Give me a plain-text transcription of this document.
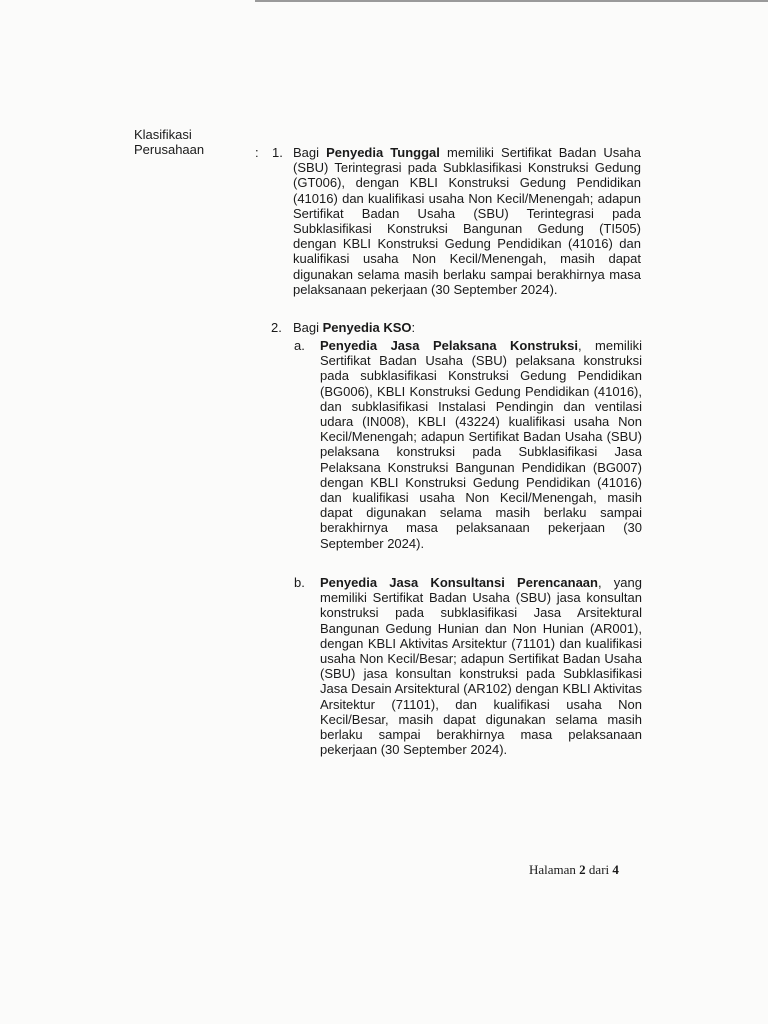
Klasifikasi
Perusahaan	: 1. Bagi Penyedia Tunggal memiliki Sertifikat Badan Usaha (SBU) Terintegrasi pada Subklasifikasi Konstruksi Gedung (GT006), dengan KBLI Konstruksi Gedung Pendidikan (41016) dan kualifikasi usaha Non Kecil/Menengah; adapun Sertifikat Badan Usaha (SBU) Terintegrasi pada Subklasifikasi Konstruksi Bangunan Gedung (TI505) dengan KBLI Konstruksi Gedung Pendidikan (41016) dan kualifikasi usaha Non Kecil/Menengah, masih dapat digunakan selama masih berlaku sampai berakhirnya masa pelaksanaan pekerjaan (30 September 2024).
2. Bagi Penyedia KSO:
a. Penyedia Jasa Pelaksana Konstruksi, memiliki Sertifikat Badan Usaha (SBU) pelaksana konstruksi pada subklasifikasi Konstruksi Gedung Pendidikan (BG006), KBLI Konstruksi Gedung Pendidikan (41016), dan subklasifikasi Instalasi Pendingin dan ventilasi udara (IN008), KBLI (43224) kualifikasi usaha Non Kecil/Menengah; adapun Sertifikat Badan Usaha (SBU) pelaksana konstruksi pada Subklasifikasi Jasa Pelaksana Konstruksi Bangunan Pendidikan (BG007) dengan KBLI Konstruksi Gedung Pendidikan (41016) dan kualifikasi usaha Non Kecil/Menengah, masih dapat digunakan selama masih berlaku sampai berakhirnya masa pelaksanaan pekerjaan (30 September 2024).
b. Penyedia Jasa Konsultansi Perencanaan, yang memiliki Sertifikat Badan Usaha (SBU) jasa konsultan konstruksi pada subklasifikasi Jasa Arsitektural Bangunan Gedung Hunian dan Non Hunian (AR001), dengan KBLI Aktivitas Arsitektur (71101) dan kualifikasi usaha Non Kecil/Besar; adapun Sertifikat Badan Usaha (SBU) jasa konsultan konstruksi pada Subklasifikasi Jasa Desain Arsitektural (AR102) dengan KBLI Aktivitas Arsitektur (71101), dan kualifikasi usaha Non Kecil/Besar, masih dapat digunakan selama masih berlaku sampai berakhirnya masa pelaksanaan pekerjaan (30 September 2024).
Halaman 2 dari 4
